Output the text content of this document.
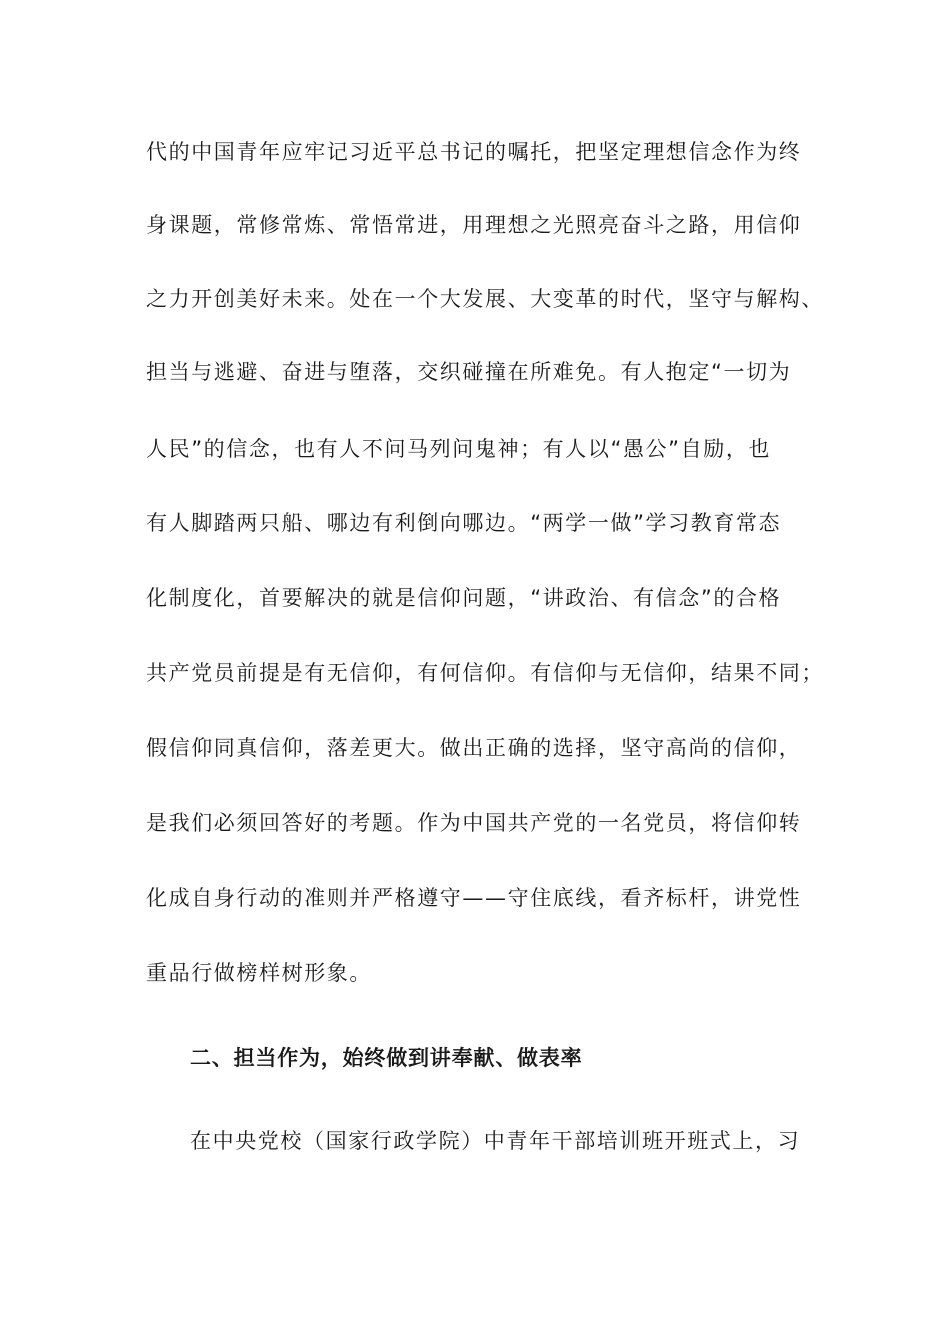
代的中国青年应牢记习近平总书记的嘱托，把坚定理想信念作为终
身课题，常修常炼、常悟常进，用理想之光照亮奋斗之路，用信仰
之力开创美好未来。处在一个大发展、大变革的时代，坚守与解构、
担当与逃避、奋进与堕落，交织碰撞在所难免。有人抱定“一切为
人民”的信念，也有人不问马列问鬼神；有人以“愚公”自励，也
有人脚踏两只船、哪边有利倒向哪边。“两学一做”学习教育常态
化制度化，首要解决的就是信仰问题，“讲政治、有信念”的合格
共产党员前提是有无信仰，有何信仰。有信仰与无信仰，结果不同；
假信仰同真信仰，落差更大。做出正确的选择，坚守高尚的信仰，
是我们必须回答好的考题。作为中国共产党的一名党员，将信仰转
化成自身行动的准则并严格遵守——守住底线，看齐标杆，讲党性
重品行做榜样树形象。
二、担当作为，始终做到讲奉献、做表率
在中央党校（国家行政学院）中青年干部培训班开班式上，习
